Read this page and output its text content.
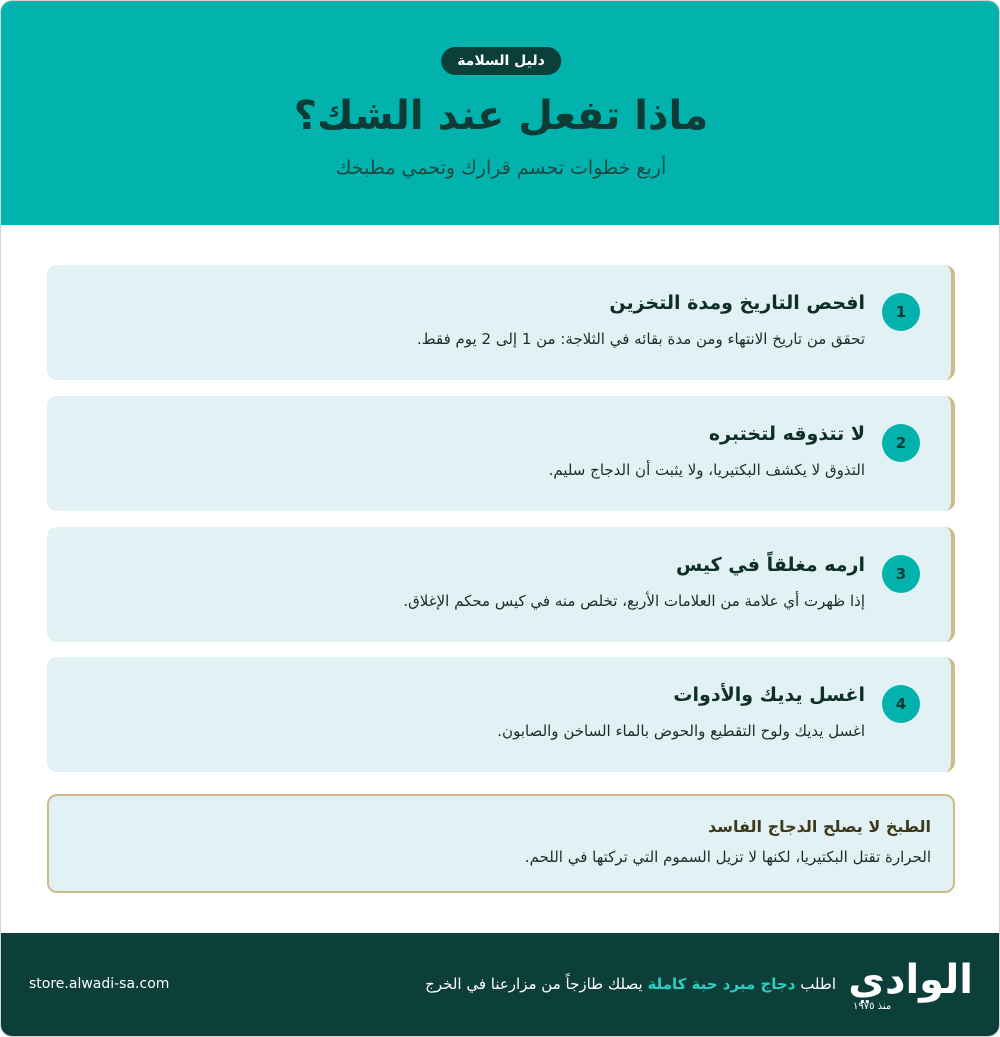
دليل السلامة
ماذا تفعل عند الشك؟
أربع خطوات تحسم قرارك وتحمي مطبخك
1
افحص التاريخ ومدة التخزين
تحقق من تاريخ الانتهاء ومن مدة بقائه في الثلاجة: من 1 إلى 2 يوم فقط.
2
لا تتذوقه لتختبره
التذوق لا يكشف البكتيريا، ولا يثبت أن الدجاج سليم.
3
ارمه مغلقاً في كيس
إذا ظهرت أي علامة من العلامات الأربع، تخلص منه في كيس محكم الإغلاق.
4
اغسل يديك والأدوات
اغسل يديك ولوح التقطيع والحوض بالماء الساخن والصابون.
الطبخ لا يصلح الدجاج الفاسد
الحرارة تقتل البكتيريا، لكنها لا تزيل السموم التي تركتها في اللحم.
الوادي
منذ ١٩٧٥
اطلب دجاج مبرد حبة كاملة يصلك طازجاً من مزارعنا في الخرج
store.alwadi-sa.com
